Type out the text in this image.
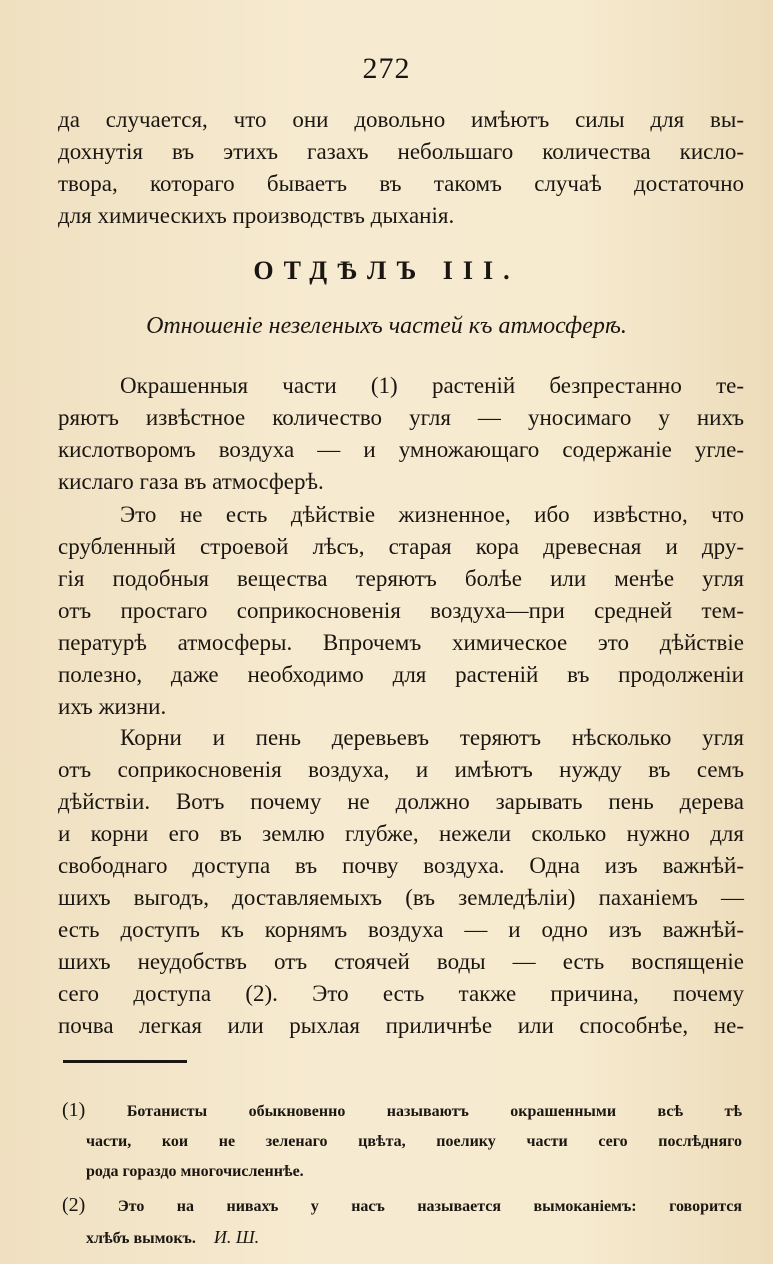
272
да случается, что они довольно имѣютъ силы для вы-
дохнутія въ этихъ газахъ небольшаго количества кисло-
твора, котораго бываетъ въ такомъ случаѣ достаточно
для химическихъ производствъ дыханія.
ОТДѢЛЪ III.
Отношеніе незеленыхъ частей къ атмосферѣ.
Окрашенныя части (1) растеній безпрестанно те-
ряютъ извѣстное количество угля — уносимаго у нихъ
кислотворомъ воздуха — и умножающаго содержаніе угле-
кислаго газа въ атмосферѣ.
Это не есть дѣйствіе жизненное, ибо извѣстно, что
срубленный строевой лѣсъ, старая кора древесная и дру-
гія подобныя вещества теряютъ болѣе или менѣе угля
отъ простаго соприкосновенія воздуха—при средней тем-
пературѣ атмосферы. Впрочемъ химическое это дѣйствіе
полезно, даже необходимо для растеній въ продолженіи
ихъ жизни.
Корни и пень деревьевъ теряютъ нѣсколько угля
отъ соприкосновенія воздуха, и имѣютъ нужду въ семъ
дѣйствіи. Вотъ почему не должно зарывать пень дерева
и корни его въ землю глубже, нежели сколько нужно для
свободнаго доступа въ почву воздуха. Одна изъ важнѣй-
шихъ выгодъ, доставляемыхъ (въ земледѣліи) паханіемъ —
есть доступъ къ корнямъ воздуха — и одно изъ важнѣй-
шихъ неудобствъ отъ стоячей воды — есть воспященіе
сего доступа (2). Это есть также причина, почему
почва легкая или рыхлая приличнѣе или способнѣе, не-
(1)	Ботанисты обыкновенно называютъ окрашенными всѣ тѣ
части, кои не зеленаго цвѣта, поелику части сего послѣдняго
рода гораздо многочисленнѣе.
(2) Это на нивахъ у насъ называется вымоканіемъ: говорится
хлѣбъ вымокъ. И. Ш.
